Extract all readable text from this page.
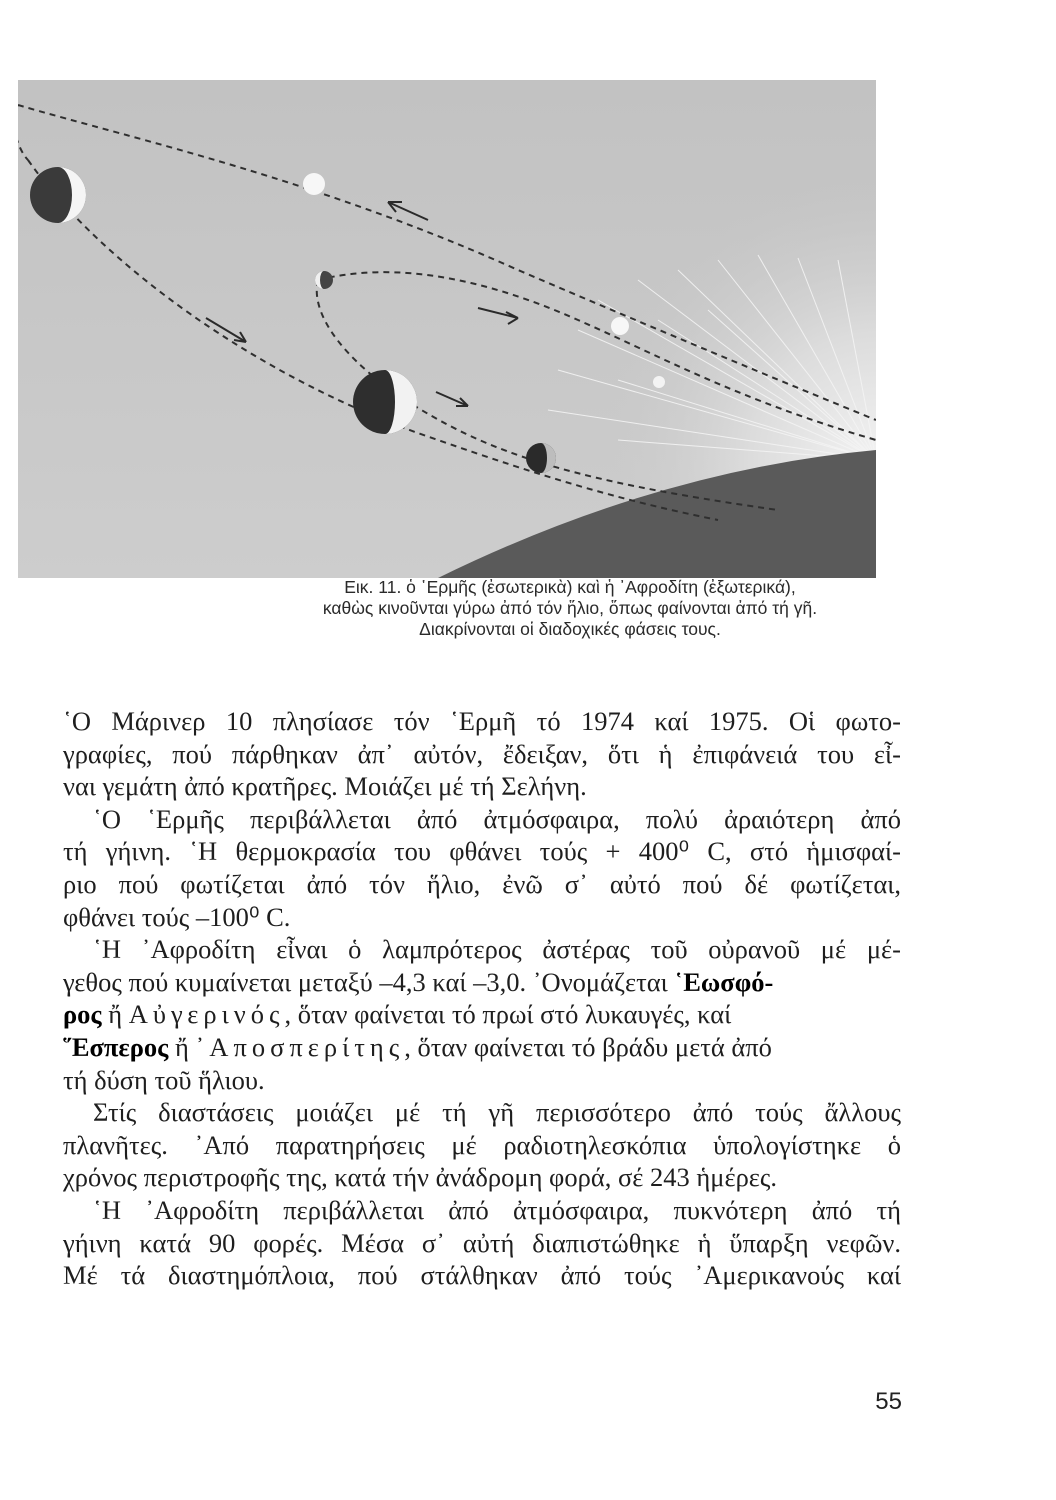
Εικ. 11. ὁ ῾Ερμῆς (ἐσωτερικὰ) καὶ ἡ ᾿Αφροδίτη (ἐξωτερικά),
καθὼς κινοῦνται γύρω ἀπό τόν ἥλιο, ὅπως φαίνονται ἀπό τή γῆ.
Διακρίνονται οἱ διαδοχικές φάσεις τους.
῾Ο Μάρινερ 10 πλησίασε τόν ῾Ερμῆ τό 1974 καί 1975. Οἱ φωτο-
γραφίες, πού πάρθηκαν ἀπ᾿ αὐτόν, ἔδειξαν, ὅτι ἡ ἐπιφάνειά του εἶ-
ναι γεμάτη ἀπό κρατῆρες. Μοιάζει μέ τή Σελήνη.
῾Ο ῾Ερμῆς περιβάλλεται ἀπό ἀτμόσφαιρα, πολύ ἀραιότερη ἀπό
τή γήινη. ῾Η θερμοκρασία του φθάνει τούς + 400⁰ C, στό ἡμισφαί-
ριο πού φωτίζεται ἀπό τόν ἥλιο, ἐνῶ σ᾿ αὐτό πού δέ φωτίζεται,
φθάνει τούς –100⁰ C.
῾Η ᾿Αφροδίτη εἶναι ὁ λαμπρότερος ἀστέρας τοῦ οὐρανοῦ μέ μέ-
γεθος πού κυμαίνεται μεταξύ –4,3 καί –3,0. ᾿Ονομάζεται ῾Εωσφό-
ρος ἤ Αὐγερινός, ὅταν φαίνεται τό πρωί στό λυκαυγές, καί
῞Εσπερος ἤ ᾿Αποσπερίτης, ὅταν φαίνεται τό βράδυ μετά ἀπό
τή δύση τοῦ ἥλιου.
Στίς διαστάσεις μοιάζει μέ τή γῆ περισσότερο ἀπό τούς ἄλλους
πλανῆτες. ᾿Από παρατηρήσεις μέ ραδιοτηλεσκόπια ὑπολογίστηκε ὁ
χρόνος περιστροφῆς της, κατά τήν ἀνάδρομη φορά, σέ 243 ἡμέρες.
῾Η ᾿Αφροδίτη περιβάλλεται ἀπό ἀτμόσφαιρα, πυκνότερη ἀπό τή
γήινη κατά 90 φορές. Μέσα σ᾿ αὐτή διαπιστώθηκε ἡ ὕπαρξη νεφῶν.
Μέ τά διαστημόπλοια, πού στάλθηκαν ἀπό τούς ᾿Αμερικανούς καί
55
